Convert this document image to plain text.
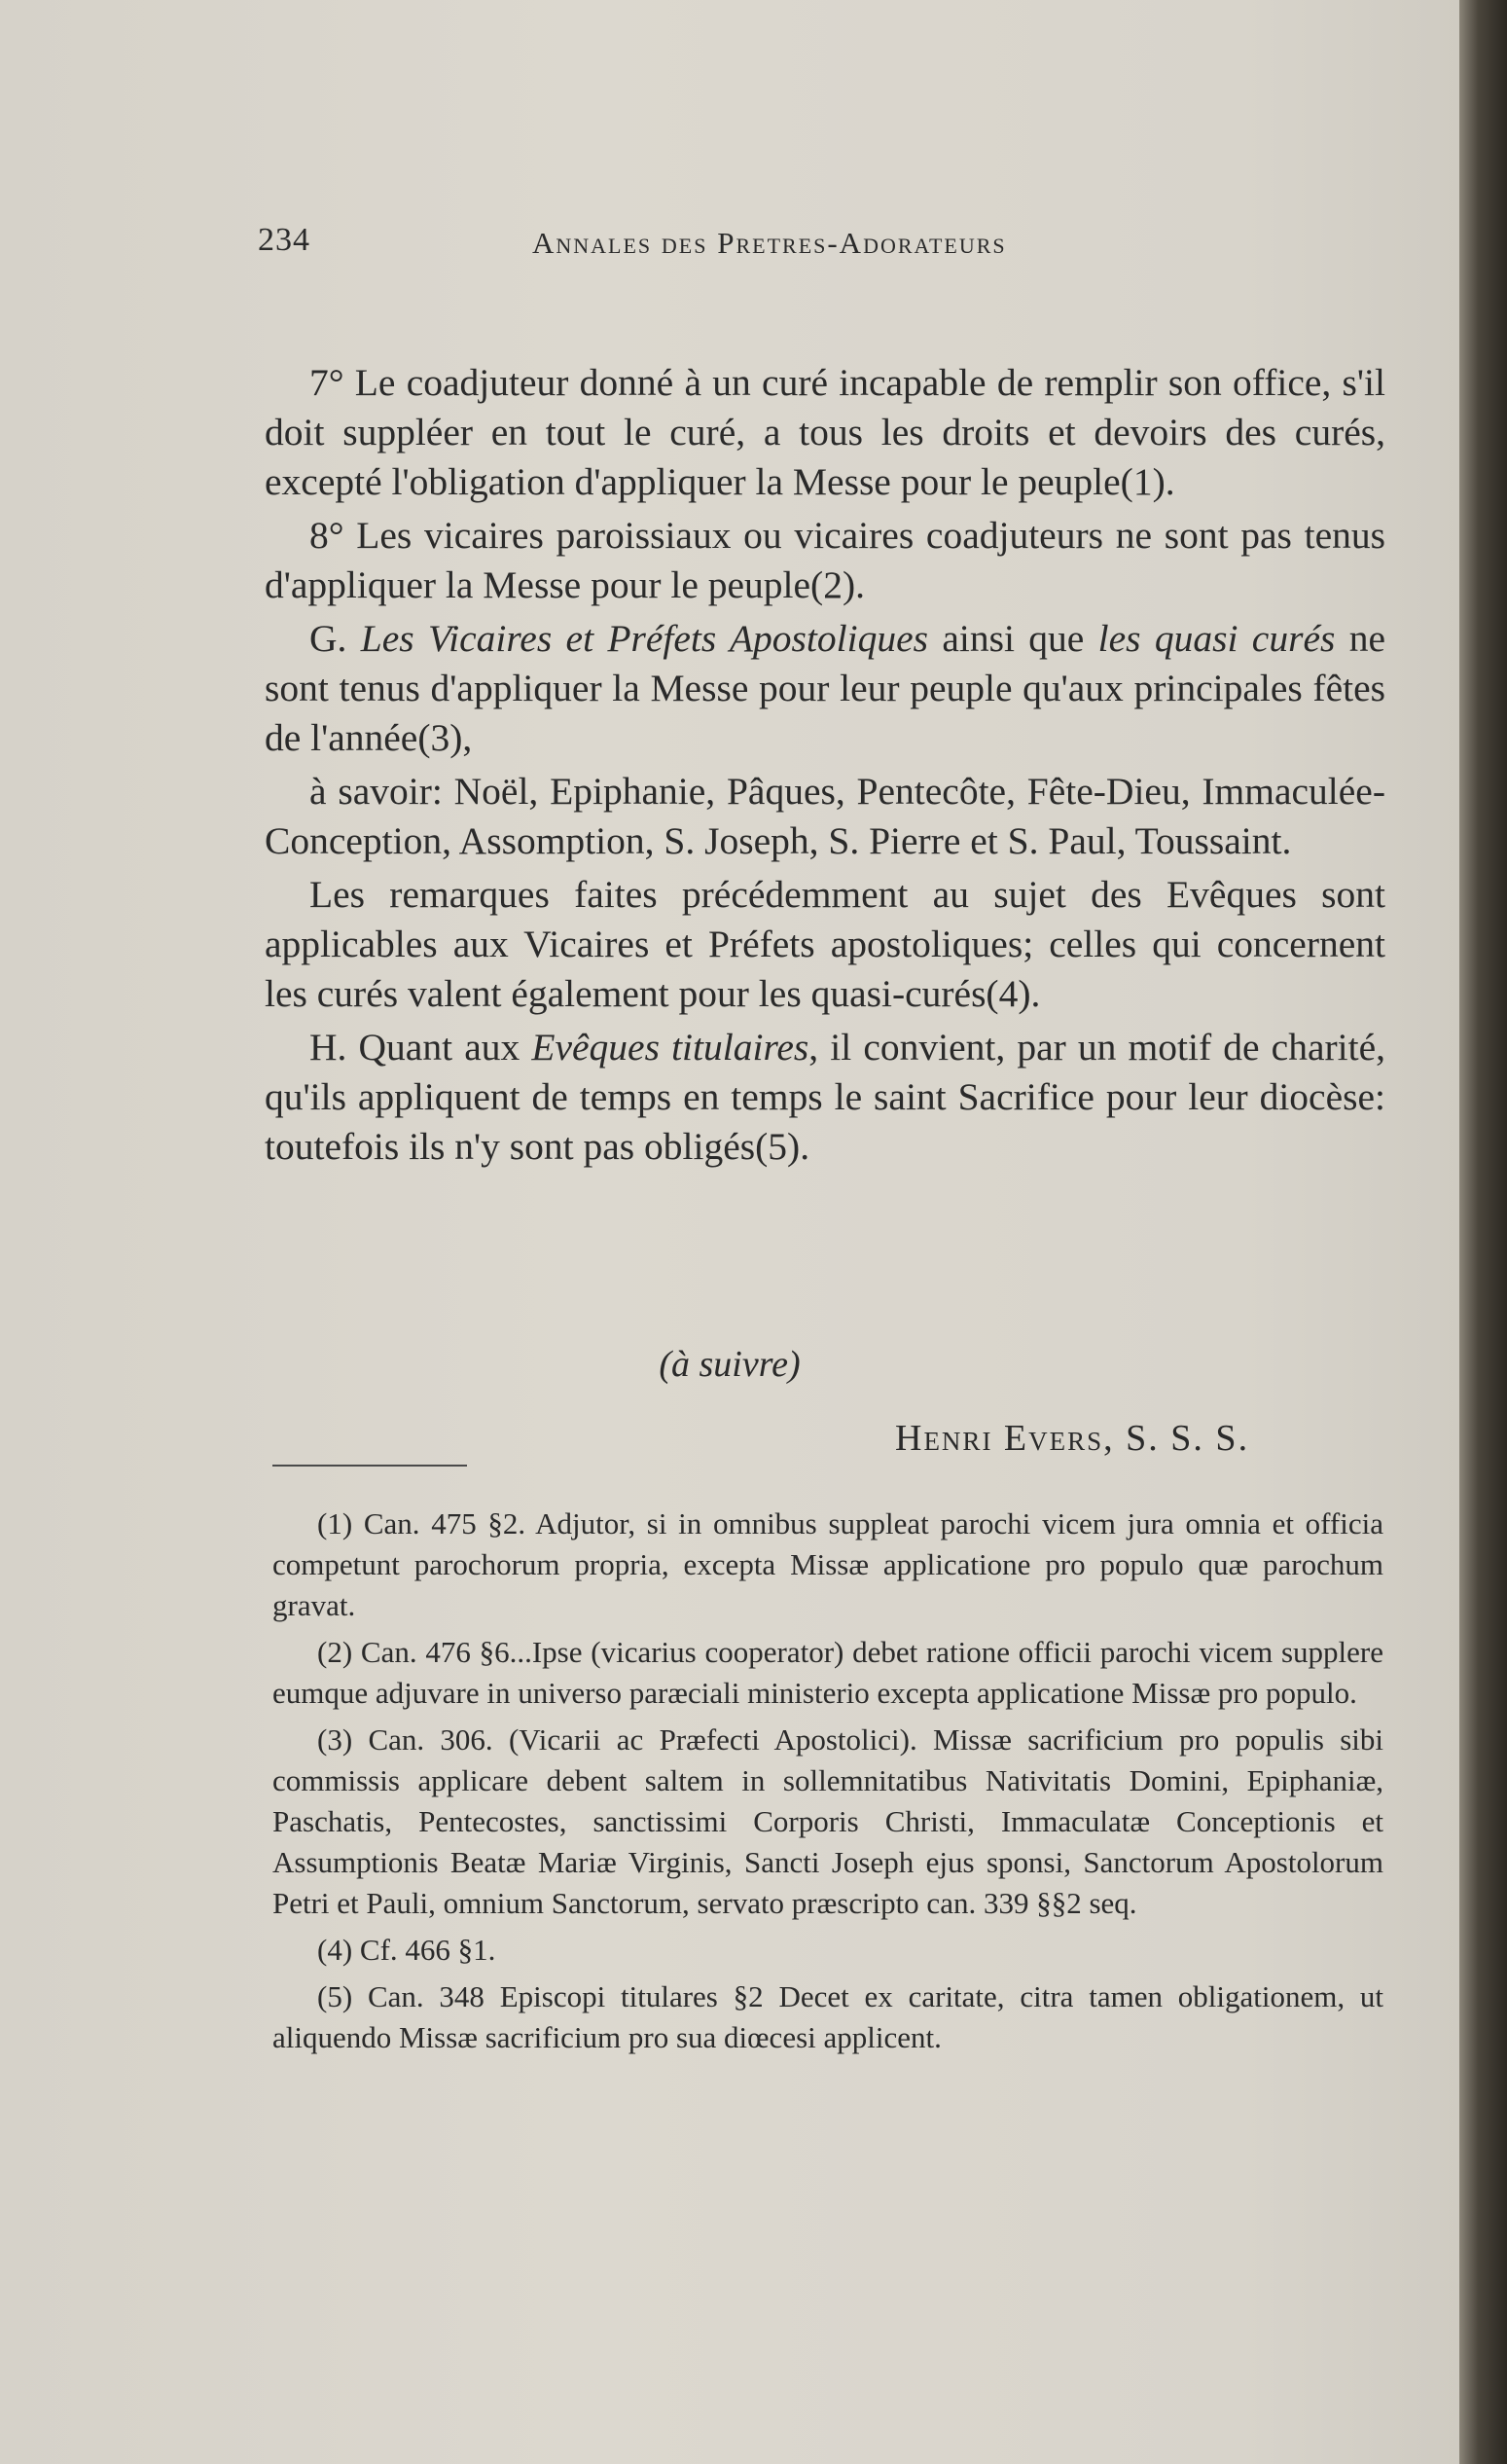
234	Annales des Pretres-Adorateurs

7° Le coadjuteur donné à un curé incapable de remplir son office, s'il doit suppléer en tout le curé, a tous les droits et devoirs des curés, excepté l'obligation d'appliquer la Messe pour le peuple(1).

8° Les vicaires paroissiaux ou vicaires coadjuteurs ne sont pas tenus d'appliquer la Messe pour le peuple(2).

G. Les Vicaires et Préfets Apostoliques ainsi que les quasi curés ne sont tenus d'appliquer la Messe pour leur peuple qu'aux principales fêtes de l'année(3),

à savoir: Noël, Epiphanie, Pâques, Pentecôte, Fête-Dieu, Immaculée-Conception, Assomption, S. Joseph, S. Pierre et S. Paul, Toussaint.

Les remarques faites précédemment au sujet des Evêques sont applicables aux Vicaires et Préfets apostoliques; celles qui concernent les curés valent également pour les quasi-curés(4).

H. Quant aux Evêques titulaires, il convient, par un motif de charité, qu'ils appliquent de temps en temps le saint Sacrifice pour leur diocèse: toutefois ils n'y sont pas obligés(5).

(à suivre)
Henri Evers, S. S. S.

(1) Can. 475 §2. Adjutor, si in omnibus suppleat parochi vicem jura omnia et officia competunt parochorum propria, excepta Missæ applicatione pro populo quæ parochum gravat.

(2) Can. 476 §6...Ipse (vicarius cooperator) debet ratione officii parochi vicem supplere eumque adjuvare in universo paræciali ministerio excepta applicatione Missæ pro populo.

(3) Can. 306. (Vicarii ac Præfecti Apostolici). Missæ sacrificium pro populis sibi commissis applicare debent saltem in sollemnitatibus Nativitatis Domini, Epiphaniæ, Paschatis, Pentecostes, sanctissimi Corporis Christi, Immaculatæ Conceptionis et Assumptionis Beatæ Mariæ Virginis, Sancti Joseph ejus sponsi, Sanctorum Apostolorum Petri et Pauli, omnium Sanctorum, servato præscripto can. 339 §§2 seq.

(4) Cf. 466 §1.

(5) Can. 348 Episcopi titulares §2 Decet ex caritate, citra tamen obligationem, ut aliquendo Missæ sacrificium pro sua diœcesi applicent.
